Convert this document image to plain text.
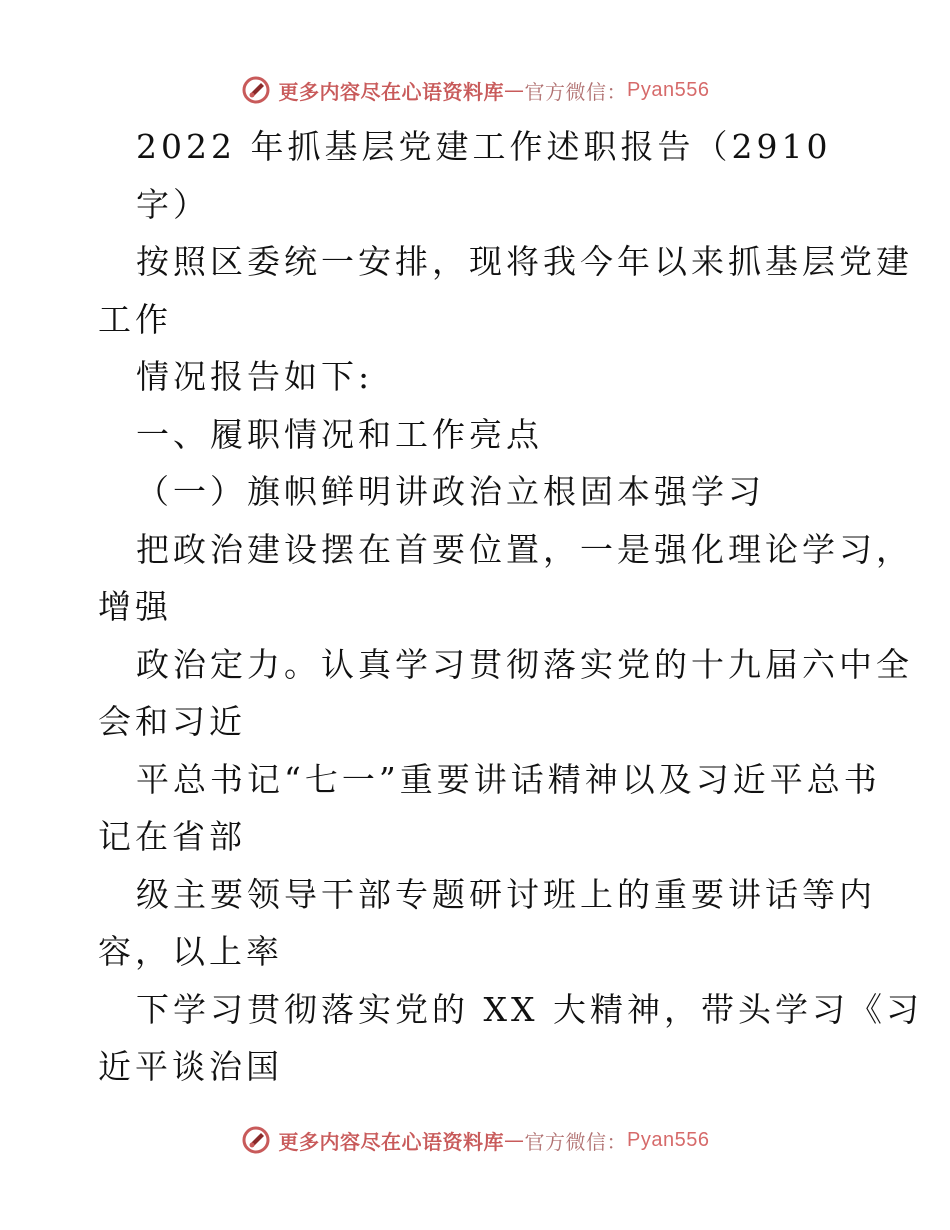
更多内容尽在心语资料库 — 官方微信： Pyan556
2022 年抓基层党建工作述职报告（2910
字）
按照区委统一安排，现将我今年以来抓基层党建
工作
情况报告如下:
一、履职情况和工作亮点
（一）旗帜鲜明讲政治立根固本强学习
把政治建设摆在首要位置，一是强化理论学习，
增强
政治定力。认真学习贯彻落实党的十九届六中全
会和习近
平总书记“七一”重要讲话精神以及习近平总书
记在省部
级主要领导干部专题研讨班上的重要讲话等内
容，以上率
下学习贯彻落实党的 XX 大精神，带头学习《习
近平谈治国
更多内容尽在心语资料库 — 官方微信： Pyan556
